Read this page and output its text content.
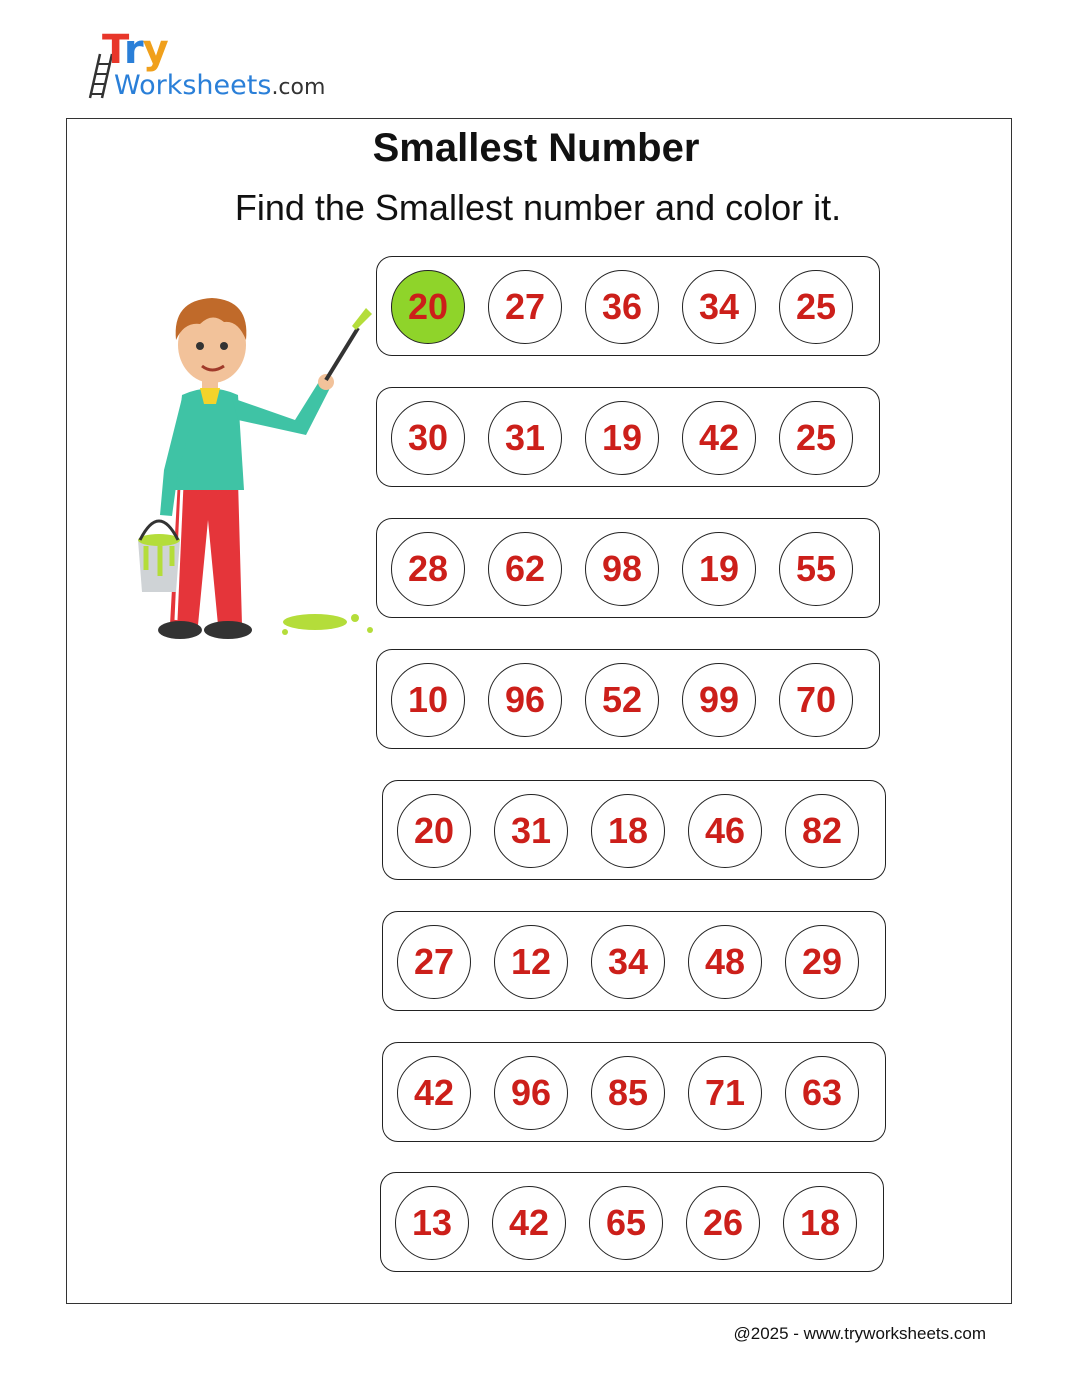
Try
Worksheets.com
Smallest Number

Find the Smallest number and color it.

20	27	36	34	25
30	31	19	42	25
28	62	98	19	55
10	96	52	99	70
20	31	18	46	82
27	12	34	48	29
42	96	85	71	63
13	42	65	26	18
@2025 - www.tryworksheets.com
